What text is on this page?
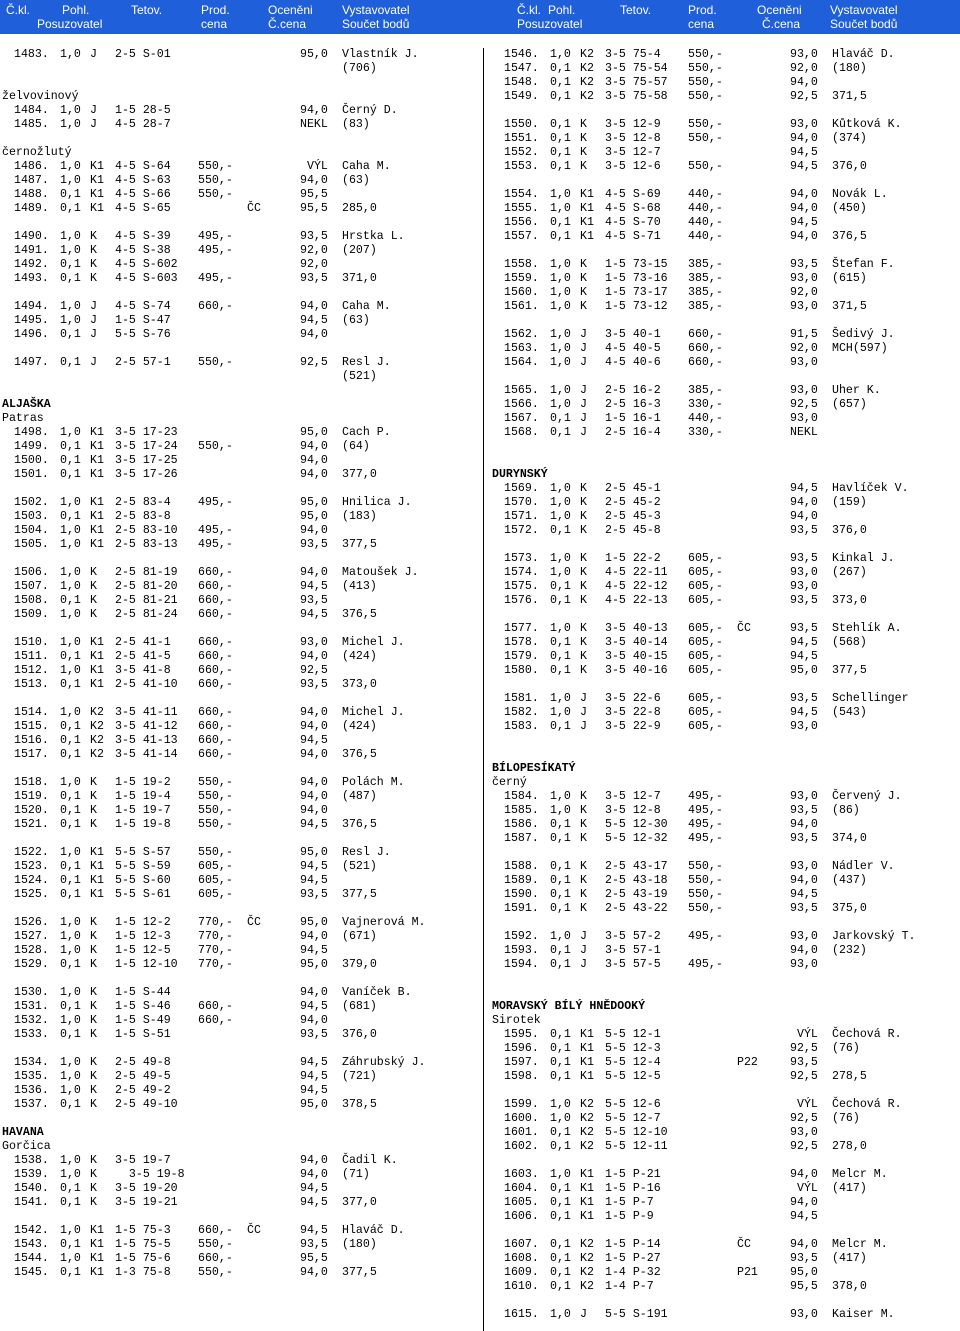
Č.kl.
Posuzovatel
Pohl.	Tetov.	Prod.
cena
Oceněni
Č.cena
Vystavovatel
Součet bodů
Č.kl.
Posuzovatel
Pohl.	Tetov.	Prod.
cena
Oceněni
Č.cena
Vystavovatel
Součet bodů
1483. 1,0 J 2-5 S-01	95,0 Vlastník J.
(706)
želvovinový
1484. 1,0 J 1-5 28-5	94,0 Černý D.
1485. 1,0 J 4-5 28-7	NEKL (83)
černožlutý
1486. 1,0 K1 4-5 S-64 550,-	VÝL Caha M.
1487. 1,0 K1 4-5 S-63 550,-	94,0 (63)
1488. 0,1 K1 4-5 S-66 550,-	95,5
1489. 0,1 K1 4-5 S-65	ČC	95,5 285,0
1490. 1,0 K 4-5 S-39 495,-	93,5 Hrstka L.
1491. 1,0 K 4-5 S-38 495,-	92,0 (207)
1492. 0,1 K 4-5 S-602	92,0
1493. 0,1 K 4-5 S-603 495,-	93,5 371,0
1494. 1,0 J 4-5 S-74 660,-	94,0 Caha M.
1495. 1,0 J 1-5 S-47	94,5 (63)
1496. 0,1 J 5-5 S-76	94,0
1497. 0,1 J 2-5 57-1 550,-	92,5 Resl J.
(521)
ALJAŠKA
Patras
1498. 1,0 K1 3-5 17-23	95,0 Cach P.
1499. 0,1 K1 3-5 17-24 550,-	94,0 (64)
1500. 0,1 K1 3-5 17-25	94,0
1501. 0,1 K1 3-5 17-26	94,0 377,0
1502. 1,0 K1 2-5 83-4 495,-	95,0 Hnilica J.
1503. 0,1 K1 2-5 83-8	95,0 (183)
1504. 1,0 K1 2-5 83-10 495,-	94,0
1505. 1,0 K1 2-5 83-13 495,-	93,5 377,5
1506. 1,0 K 2-5 81-19 660,-	94,0 Matoušek J.
1507. 1,0 K 2-5 81-20 660,-	94,5 (413)
1508. 0,1 K 2-5 81-21 660,-	93,5
1509. 1,0 K 2-5 81-24 660,-	94,5 376,5
1510. 1,0 K1 2-5 41-1 660,-	93,0 Michel J.
1511. 0,1 K1 2-5 41-5 660,-	94,0 (424)
1512. 1,0 K1 3-5 41-8 660,-	92,5
1513. 0,1 K1 2-5 41-10 660,-	93,5 373,0
1514. 1,0 K2 3-5 41-11 660,-	94,0 Michel J.
1515. 0,1 K2 3-5 41-12 660,-	94,0 (424)
1516. 0,1 K2 3-5 41-13 660,-	94,5
1517. 0,1 K2 3-5 41-14 660,-	94,0 376,5
1518. 1,0 K 1-5 19-2 550,-	94,0 Polách M.
1519. 0,1 K 1-5 19-4 550,-	94,0 (487)
1520. 0,1 K 1-5 19-7 550,-	94,0
1521. 0,1 K 1-5 19-8 550,-	94,5 376,5
1522. 1,0 K1 5-5 S-57 550,-	95,0 Resl J.
1523. 0,1 K1 5-5 S-59 605,-	94,5 (521)
1524. 0,1 K1 5-5 S-60 605,-	94,5
1525. 0,1 K1 5-5 S-61 605,-	93,5 377,5
1526. 1,0 K 1-5 12-2 770,- ČC	95,0 Vajnerová M.
1527. 1,0 K 1-5 12-3 770,-	94,0 (671)
1528. 1,0 K 1-5 12-5 770,-	94,5
1529. 0,1 K 1-5 12-10 770,-	95,0 379,0
1530. 1,0 K 1-5 S-44	94,0 Vaníček B.
1531. 0,1 K 1-5 S-46 660,-	94,5 (681)
1532. 1,0 K 1-5 S-49 660,-	94,0
1533. 0,1 K 1-5 S-51	93,5 376,0
1534. 1,0 K 2-5 49-8	94,5 Záhrubský J.
1535. 1,0 K 2-5 49-5	94,5 (721)
1536. 1,0 K 2-5 49-2	94,5
1537. 0,1 K 2-5 49-10	95,0 378,5
HAVANA
Gorčica
1538. 1,0 K 3-5 19-7	94,0 Čadil K.
1539. 1,0 K 3-5 19-8	94,0 (71)
1540. 0,1 K 3-5 19-20	94,5
1541. 0,1 K 3-5 19-21	94,5 377,0
1542. 1,0 K1 1-5 75-3 660,- ČC	94,5 Hlaváč D.
1543. 0,1 K1 1-5 75-5 550,-	93,5 (180)
1544. 1,0 K1 1-5 75-6 660,-	95,5
1545. 0,1 K1 1-3 75-8 550,-	94,0 377,5
1546. 1,0 K2 3-5 75-4 550,-	93,0 Hlaváč D.
1547. 0,1 K2 3-5 75-54 550,-	92,0 (180)
1548. 0,1 K2 3-5 75-57 550,-	94,0
1549. 0,1 K2 3-5 75-58 550,-	92,5 371,5
1550. 0,1 K 3-5 12-9 550,-	93,0 Kůtková K.
1551. 0,1 K 3-5 12-8 550,-	94,0 (374)
1552. 0,1 K 3-5 12-7	94,5
1553. 0,1 K 3-5 12-6 550,-	94,5 376,0
1554. 1,0 K1 4-5 S-69 440,-	94,0 Novák L.
1555. 1,0 K1 4-5 S-68 440,-	94,0 (450)
1556. 0,1 K1 4-5 S-70 440,-	94,5
1557. 0,1 K1 4-5 S-71 440,-	94,0 376,5
1558. 1,0 K 1-5 73-15 385,-	93,5 Štefan F.
1559. 1,0 K 1-5 73-16 385,-	93,0 (615)
1560. 1,0 K 1-5 73-17 385,-	92,0
1561. 1,0 K 1-5 73-12 385,-	93,0 371,5
1562. 1,0 J 3-5 40-1 660,-	91,5 Šedivý J.
1563. 1,0 J 4-5 40-5 660,-	92,0 MCH(597)
1564. 1,0 J 4-5 40-6 660,-	93,0
1565. 1,0 J 2-5 16-2 385,-	93,0 Uher K.
1566. 1,0 J 2-5 16-3 330,-	92,5 (657)
1567. 0,1 J 1-5 16-1 440,-	93,0
1568. 0,1 J 2-5 16-4 330,-	NEKL
DURYNSKÝ
1569. 1,0 K 2-5 45-1	94,5 Havlíček V.
1570. 1,0 K 2-5 45-2	94,0 (159)
1571. 1,0 K 2-5 45-3	94,0
1572. 0,1 K 2-5 45-8	93,5 376,0
1573. 1,0 K 1-5 22-2 605,-	93,5 Kinkal J.
1574. 1,0 K 4-5 22-11 605,-	93,0 (267)
1575. 0,1 K 4-5 22-12 605,-	93,0
1576. 0,1 K 4-5 22-13 605,-	93,5 373,0
1577. 1,0 K 3-5 40-13 605,- ČC	93,5 Stehlík A.
1578. 0,1 K 3-5 40-14 605,-	94,5 (568)
1579. 0,1 K 3-5 40-15 605,-	94,5
1580. 0,1 K 3-5 40-16 605,-	95,0 377,5
1581. 1,0 J 3-5 22-6 605,-	93,5 Schellinger
1582. 1,0 J 3-5 22-8 605,-	94,5 (543)
1583. 0,1 J 3-5 22-9 605,-	93,0
BÍLOPESÍKATÝ
černý
1584. 1,0 K 3-5 12-7 495,-	93,0 Červený J.
1585. 1,0 K 3-5 12-8 495,-	93,5 (86)
1586. 0,1 K 5-5 12-30 495,-	94,0
1587. 0,1 K 5-5 12-32 495,-	93,5 374,0
1588. 0,1 K 2-5 43-17 550,-	93,0 Nádler V.
1589. 0,1 K 2-5 43-18 550,-	94,0 (437)
1590. 0,1 K 2-5 43-19 550,-	94,5
1591. 0,1 K 2-5 43-22 550,-	93,5 375,0
1592. 1,0 J 3-5 57-2 495,-	93,0 Jarkovský T.
1593. 0,1 J 3-5 57-1	94,0 (232)
1594. 0,1 J 3-5 57-5 495,-	93,0
MORAVSKÝ BÍLÝ HNĚDOOKÝ
Sirotek
1595. 0,1 K1 5-5 12-1	VÝL Čechová R.
1596. 0,1 K1 5-5 12-3	92,5 (76)
1597. 0,1 K1 5-5 12-4	P22	93,5
1598. 0,1 K1 5-5 12-5	92,5 278,5
1599. 1,0 K2 5-5 12-6	VÝL Čechová R.
1600. 1,0 K2 5-5 12-7	92,5 (76)
1601. 0,1 K2 5-5 12-10	93,0
1602. 0,1 K2 5-5 12-11	92,5 278,0
1603. 1,0 K1 1-5 P-21	94,0 Melcr M.
1604. 0,1 K1 1-5 P-16	VÝL (417)
1605. 0,1 K1 1-5 P-7	94,0
1606. 0,1 K1 1-5 P-9	94,5
1607. 0,1 K2 1-5 P-14	ČC	94,0 Melcr M.
1608. 0,1 K2 1-5 P-27	93,5 (417)
1609. 0,1 K2 1-4 P-32	P21	95,0
1610. 0,1 K2 1-4 P-7	95,5 378,0
1615. 1,0 J 5-5 S-191	93,0 Kaiser M.
